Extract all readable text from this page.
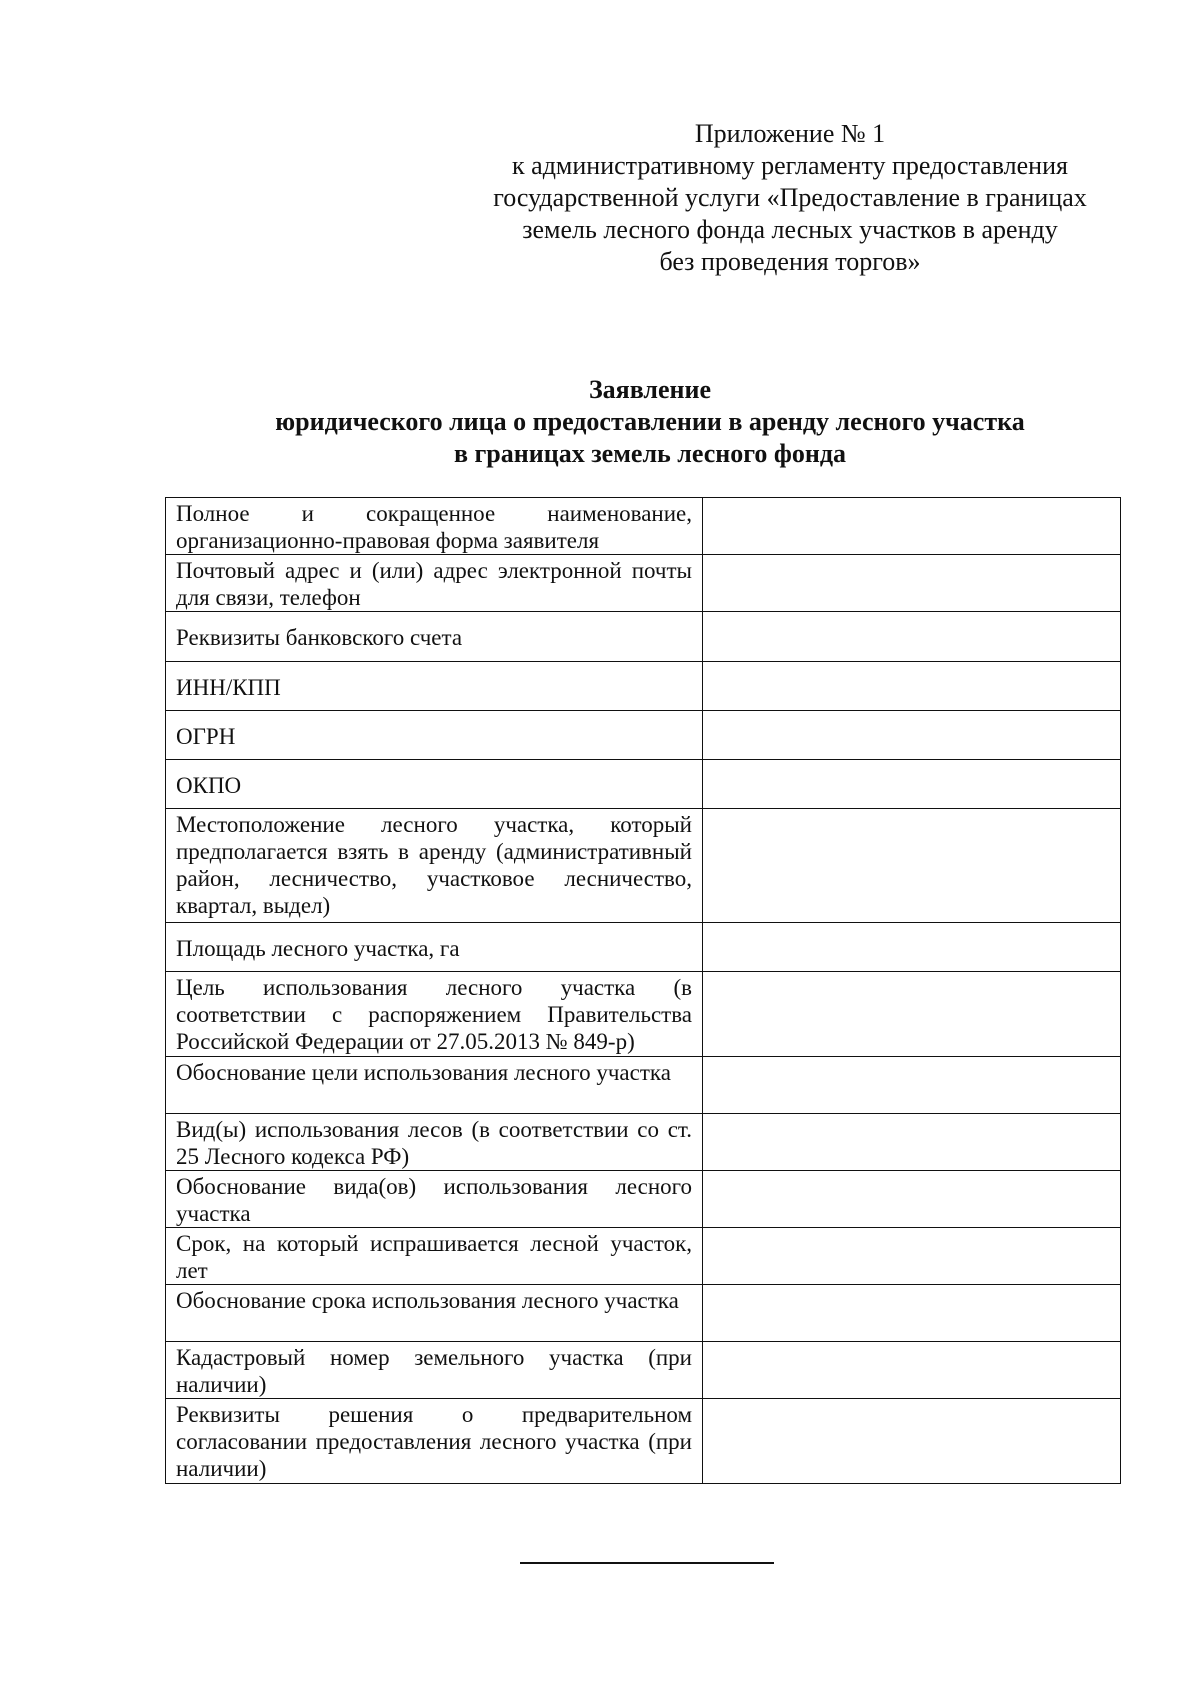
Приложение № 1
к административному регламенту предоставления
государственной услуги «Предоставление в границах
земель лесного фонда лесных участков в аренду
без проведения торгов»
Заявление
юридического лица о предоставлении в аренду лесного участка
в границах земель лесного фонда
Полное и сокращенное наименование, организационно-правовая форма заявителя	
Почтовый адрес и (или) адрес электронной почты для связи, телефон	
Реквизиты банковского счета	
ИНН/КПП	
ОГРН	
ОКПО	
Местоположение лесного участка, который предполагается взять в аренду (административный район, лесничество, участковое лесничество, квартал, выдел)	
Площадь лесного участка, га	
Цель использования лесного участка (в соответствии с распоряжением Правительства Российской Федерации от 27.05.2013 № 849-р)	
Обоснование цели использования лесного участка	
Вид(ы) использования лесов (в соответствии со ст. 25 Лесного кодекса РФ)	
Обоснование вида(ов) использования лесного участка	
Срок, на который испрашивается лесной участок, лет	
Обоснование срока использования лесного участка	
Кадастровый номер земельного участка (при наличии)	
Реквизиты решения о предварительном согласовании предоставления лесного участка (при наличии)	
